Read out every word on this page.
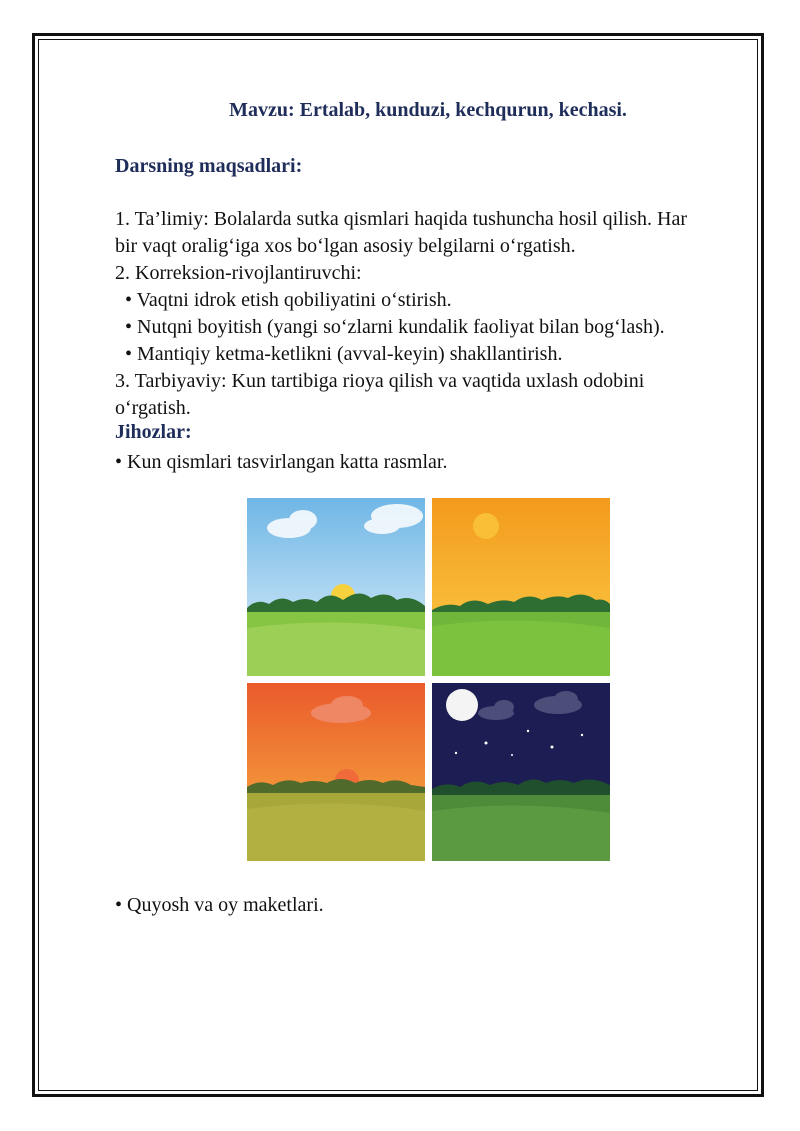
Mavzu: Ertalab, kunduzi, kechqurun, kechasi.
Darsning maqsadlari:
1. Ta’limiy: Bolalarda sutka qismlari haqida tushuncha hosil qilish. Har
bir vaqt oralig‘iga xos bo‘lgan asosiy belgilarni o‘rgatish.
2. Korreksion-rivojlantiruvchi:
• Vaqtni idrok etish qobiliyatini o‘stirish.
• Nutqni boyitish (yangi so‘zlarni kundalik faoliyat bilan bog‘lash).
• Mantiqiy ketma-ketlikni (avval-keyin) shakllantirish.
3. Tarbiyaviy: Kun tartibiga rioya qilish va vaqtida uxlash odobini
o‘rgatish.
Jihozlar:
• Kun qismlari tasvirlangan katta rasmlar.
• Quyosh va oy maketlari.
